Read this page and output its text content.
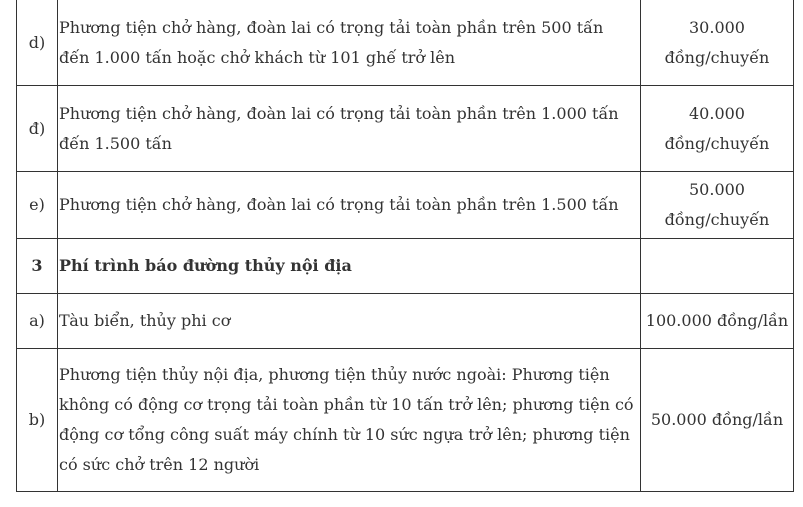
d)	Phương tiện chở hàng, đoàn lai có trọng tải toàn phần trên 500 tấn đến 1.000 tấn hoặc chở khách từ 101 ghế trở lên	30.000 đồng/chuyến
đ)	Phương tiện chở hàng, đoàn lai có trọng tải toàn phần trên 1.000 tấn đến 1.500 tấn	40.000 đồng/chuyến
e)	Phương tiện chở hàng, đoàn lai có trọng tải toàn phần trên 1.500 tấn	50.000 đồng/chuyến
3	Phí trình báo đường thủy nội địa	
a)	Tàu biển, thủy phi cơ	100.000 đồng/lần
b)	Phương tiện thủy nội địa, phương tiện thủy nước ngoài: Phương tiện không có động cơ trọng tải toàn phần từ 10 tấn trở lên; phương tiện có động cơ tổng công suất máy chính từ 10 sức ngựa trở lên; phương tiện có sức chở trên 12 người	50.000 đồng/lần
